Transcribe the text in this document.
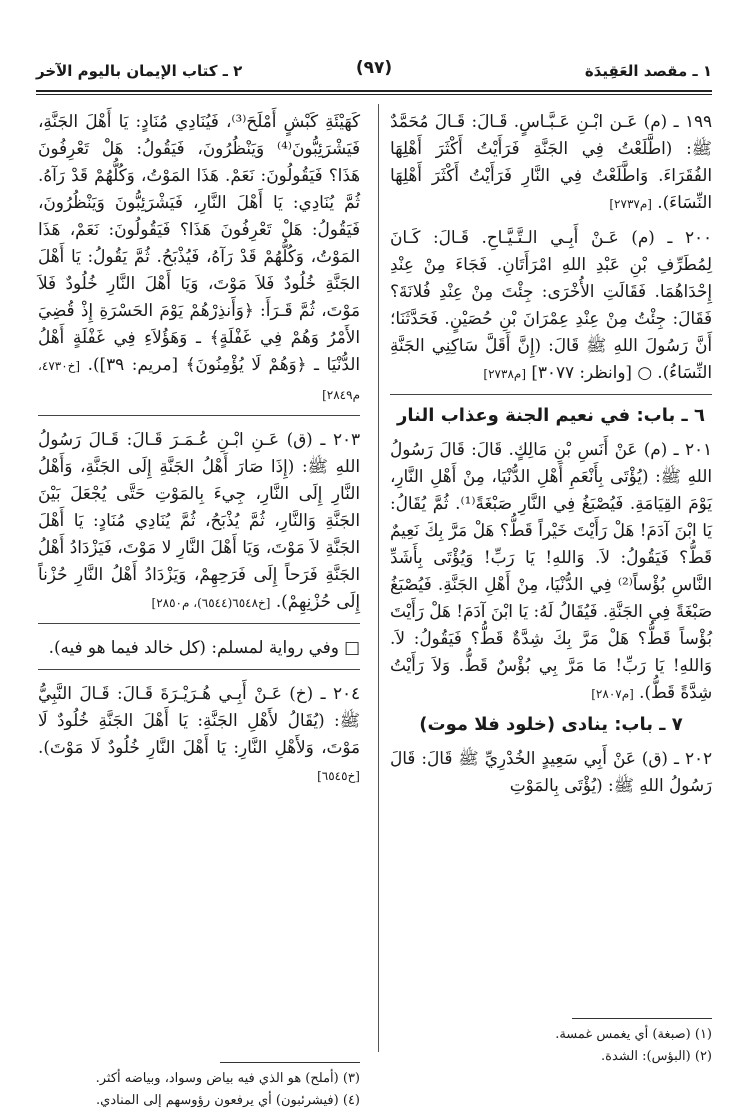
١ ـ مقصد العَقِيدَة
(٩٧)
٢ ـ كتاب الإيمان باليوم الآخر

١٩٩ ـ (م) عَـن ابْـنِ عَـبَّـاسٍ. قَـالَ: قَـالَ مُحَمَّدٌ ﷺ: (اطَّلَعْتُ فِي الجَنَّةِ فَرَأَيْتُ أَكْثَرَ أَهْلِهَا الفُقَرَاءَ. وَاطَّلَعْتُ فِي النَّارِ فَرَأَيْتُ أَكْثَرَ أَهْلِهَا النِّسَاءَ). [م٢٧٣٧]

٢٠٠ ـ (م) عَـنْ أَبِـي الـتَّـيَّـاحِ. قَـالَ: كَـانَ لِمُطَرِّفِ بْنِ عَبْدِ اللهِ امْرَأَتَانِ. فَجَاءَ مِنْ عِنْدِ إِحْدَاهُمَا. فَقَالَتِ الأُخْرَى: جِئْتَ مِنْ عِنْدِ فُلانَةَ؟ فَقَالَ: جِئْتُ مِنْ عِنْدِ عِمْرَانَ بْنِ حُصَيْنٍ. فَحَدَّثَنَا؛ أَنَّ رَسُولَ اللهِ ﷺ قَالَ: (إِنَّ أَقَلَّ سَاكِنِي الجَنَّةِ النِّسَاءُ). ○ [وانظر: ٣٠٧٧] [م٢٧٣٨]

٦ ـ باب: في نعيم الجنة وعذاب النار

٢٠١ ـ (م) عَنْ أَنَسِ بْنِ مَالِكٍ. قَالَ: قَالَ رَسُولُ اللهِ ﷺ: (يُؤْتَى بِأَنْعَمِ أَهْلِ الدُّنْيَا، مِنْ أَهْلِ النَّارِ، يَوْمَ القِيَامَةِ. فَيُصْبَغُ فِي النَّارِ صَبْغَةً⁽¹⁾. ثُمَّ يُقَالُ: يَا ابْنَ آدَمَ! هَلْ رَأَيْتَ خَيْراً قَطُّ؟ هَلْ مَرَّ بِكَ نَعِيمٌ قَطُّ؟ فَيَقُولُ: لاَ. وَاللهِ! يَا رَبِّ! وَيُؤْتَى بِأَشَدِّ النَّاسِ بُؤْساً⁽²⁾ فِي الدُّنْيَا، مِنْ أَهْلِ الجَنَّةِ. فَيُصْبَغُ صَبْغَةً فِي الجَنَّةِ. فَيُقَالُ لَهُ: يَا ابْنَ آدَمَ! هَلْ رَأَيْتَ بُؤْساً قَطُّ؟ هَلْ مَرَّ بِكَ شِدَّةٌ قَطُّ؟ فَيَقُولُ: لاَ. وَاللهِ! يَا رَبِّ! مَا مَرَّ بِي بُؤْسٌ قَطُّ. وَلاَ رَأَيْتُ شِدَّةً قَطُّ). [م٢٨٠٧]

٧ ـ باب: ينادى (خلود فلا موت)

٢٠٢ ـ (ق) عَنْ أَبِي سَعِيدٍ الخُدْرِيِّ ﷺ قَالَ: قَالَ رَسُولُ اللهِ ﷺ: (يُؤْتَى بِالمَوْتِ

(١) (صبغة) أي يغمس غمسة.

(٢) (البؤس): الشدة.

كَهَيْئَةِ كَبْشٍ أَمْلَحَ⁽³⁾، فَيُنَادِي مُنَادٍ: يَا أَهْلَ الجَنَّةِ، فَيَشْرَئِبُّونَ⁽⁴⁾ وَيَنْظُرُونَ، فَيَقُولُ: هَلْ تَعْرِفُونَ هَذَا؟ فَيَقُولُونَ: نَعَمْ. هَذَا المَوْتُ، وَكُلُّهُمْ قَدْ رَآهُ. ثُمَّ يُنَادِي: يَا أَهْلَ النَّارِ، فَيَشْرَئِبُّونَ وَيَنْظُرُونَ، فَيَقُولُ: هَلْ تَعْرِفُونَ هَذَا؟ فَيَقُولُونَ: نَعَمْ، هَذَا المَوْتُ، وَكُلُّهُمْ قَدْ رَآهُ، فَيُذْبَحُ. ثُمَّ يَقُولُ: يَا أَهْلَ الجَنَّةِ خُلُودٌ فَلاَ مَوْتَ، وَيَا أَهْلَ النَّارِ خُلُودٌ فَلاَ مَوْتَ، ثُمَّ قَـرَأَ: ﴿وَأَنذِرْهُمْ يَوْمَ الحَسْرَةِ إِذْ قُضِيَ الأَمْرُ وَهُمْ فِي غَفْلَةٍ﴾ ـ وَهَؤُلاَءِ فِي غَفْلَةٍ أَهْلُ الدُّنْيَا ـ ﴿وَهُمْ لَا يُؤْمِنُونَ﴾ [مريم: ٣٩]). [خ٤٧٣٠، م٢٨٤٩]

٢٠٣ ـ (ق) عَـنِ ابْـنِ عُـمَـرَ قَـالَ: قَـالَ رَسُولُ اللهِ ﷺ: (إِذَا صَارَ أَهْلُ الجَنَّةِ إِلَى الجَنَّةِ، وَأَهْلُ النَّارِ إِلَى النَّارِ، جِيءَ بِالمَوْتِ حَتَّى يُجْعَلَ بَيْنَ الجَنَّةِ وَالنَّارِ، ثُمَّ يُذْبَحُ، ثُمَّ يُنَادِي مُنَادٍ: يَا أَهْلَ الجَنَّةِ لاَ مَوْتَ، وَيَا أَهْلَ النَّارِ لا مَوْتَ، فَيَزْدَادُ أَهْلُ الجَنَّةِ فَرَحاً إِلَى فَرَحِهِمْ، وَيَزْدَادُ أَهْلُ النَّارِ حُزْناً إِلَى حُزْنِهِمْ). [خ٦٥٤٨(٦٥٤٤)، م٢٨٥٠]

□ وفي رواية لمسلم: (كل خالد فيما هو فيه).

٢٠٤ ـ (خ) عَـنْ أَبِـي هُـرَيْـرَةَ قَـالَ: قَـالَ النَّبِيُّ ﷺ: (يُقَالُ لأَهْلِ الجَنَّةِ: يَا أَهْلَ الجَنَّةِ خُلُودٌ لَا مَوْتَ، وَلأَهْلِ النَّارِ: يَا أَهْلَ النَّارِ خُلُودٌ لَا مَوْتَ). [خ٦٥٤٥]

(٣) (أملح) هو الذي فيه بياض وسواد، وبياضه أكثر.

(٤) (فيشرئبون) أي يرفعون رؤوسهم إلى المنادي.
